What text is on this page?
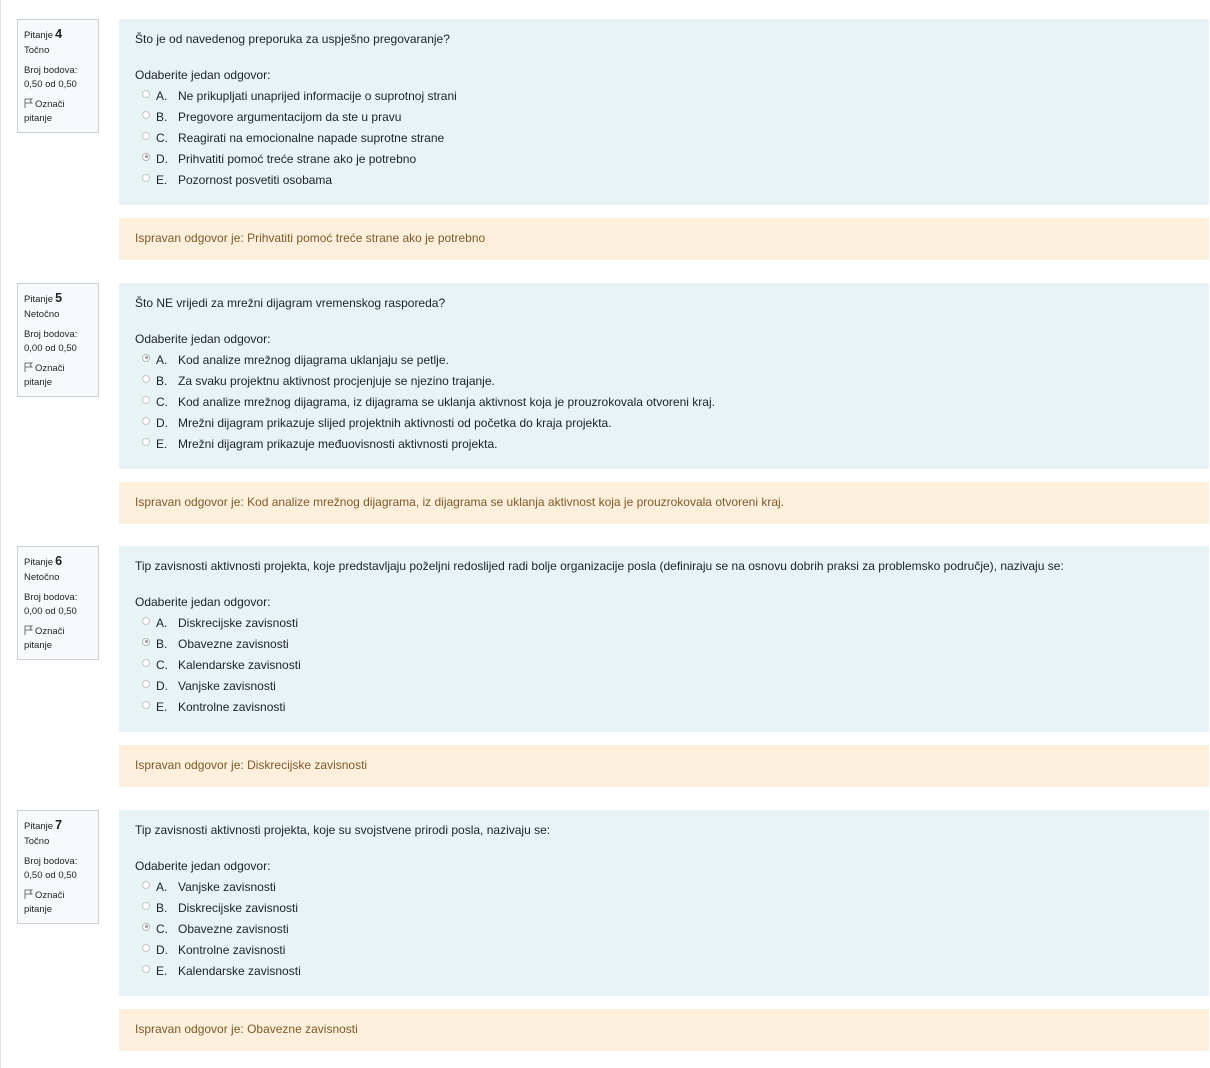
Pitanje 4
Točno
Broj bodova:
0,50 od 0,50
Označi pitanje
Što je od navedenog preporuka za uspješno pregovaranje?
Odaberite jedan odgovor:
A. Ne prikupljati unaprijed informacije o suprotnoj strani
B. Pregovore argumentacijom da ste u pravu
C. Reagirati na emocionalne napade suprotne strane
D. Prihvatiti pomoć treće strane ako je potrebno
E. Pozornost posvetiti osobama
Ispravan odgovor je: Prihvatiti pomoć treće strane ako je potrebno
Pitanje 5
Netočno
Broj bodova:
0,00 od 0,50
Označi pitanje
Što NE vrijedi za mrežni dijagram vremenskog rasporeda?
Odaberite jedan odgovor:
A. Kod analize mrežnog dijagrama uklanjaju se petlje.
B. Za svaku projektnu aktivnost procjenjuje se njezino trajanje.
C. Kod analize mrežnog dijagrama, iz dijagrama se uklanja aktivnost koja je prouzrokovala otvoreni kraj.
D. Mrežni dijagram prikazuje slijed projektnih aktivnosti od početka do kraja projekta.
E. Mrežni dijagram prikazuje međuovisnosti aktivnosti projekta.
Ispravan odgovor je: Kod analize mrežnog dijagrama, iz dijagrama se uklanja aktivnost koja je prouzrokovala otvoreni kraj.
Pitanje 6
Netočno
Broj bodova:
0,00 od 0,50
Označi pitanje
Tip zavisnosti aktivnosti projekta, koje predstavljaju poželjni redoslijed radi bolje organizacije posla (definiraju se na osnovu dobrih praksi za problemsko područje), nazivaju se:
Odaberite jedan odgovor:
A. Diskrecijske zavisnosti
B. Obavezne zavisnosti
C. Kalendarske zavisnosti
D. Vanjske zavisnosti
E. Kontrolne zavisnosti
Ispravan odgovor je: Diskrecijske zavisnosti
Pitanje 7
Točno
Broj bodova:
0,50 od 0,50
Označi pitanje
Tip zavisnosti aktivnosti projekta, koje su svojstvene prirodi posla, nazivaju se:
Odaberite jedan odgovor:
A. Vanjske zavisnosti
B. Diskrecijske zavisnosti
C. Obavezne zavisnosti
D. Kontrolne zavisnosti
E. Kalendarske zavisnosti
Ispravan odgovor je: Obavezne zavisnosti
